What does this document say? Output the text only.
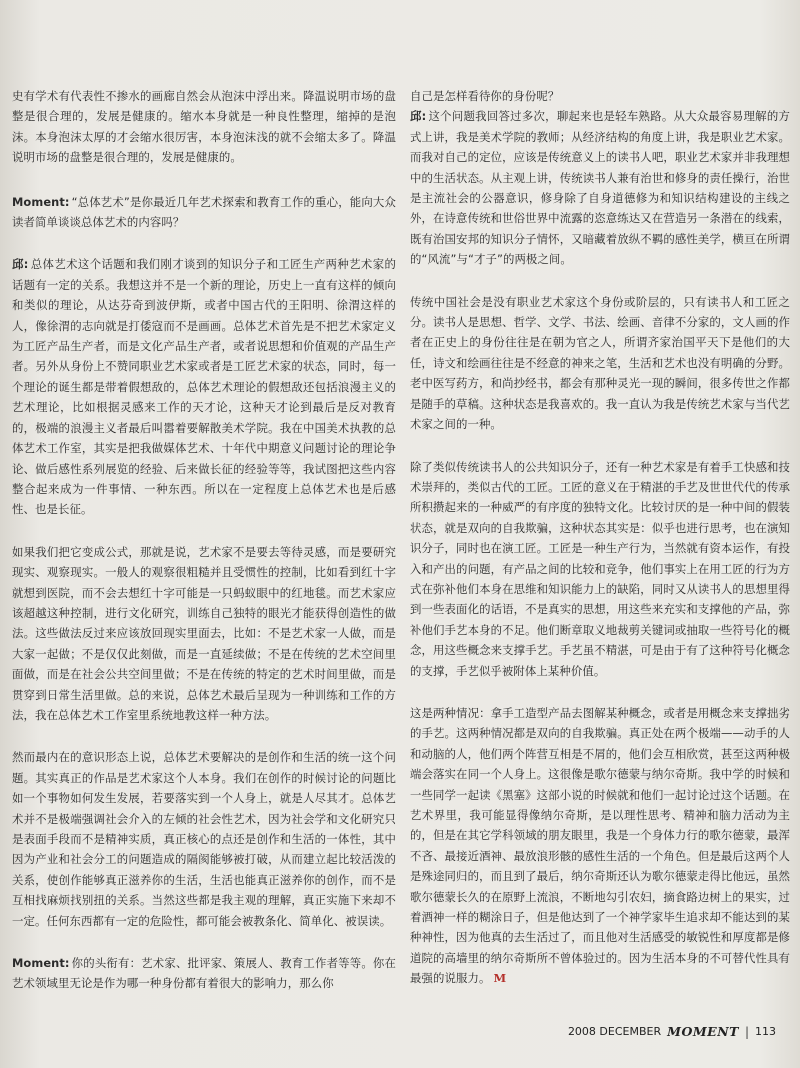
史有学术有代表性不掺水的画廊自然会从泡沫中浮出来。降温说明市场的盘整是很合理的，发展是健康的。缩水本身就是一种良性整理，缩掉的是泡沫。本身泡沫太厚的才会缩水很厉害，本身泡沫浅的就不会缩太多了。降温说明市场的盘整是很合理的，发展是健康的。

Moment: “总体艺术”是你最近几年艺术探索和教育工作的重心，能向大众读者简单谈谈总体艺术的内容吗？

邱: 总体艺术这个话题和我们刚才谈到的知识分子和工匠生产两种艺术家的话题有一定的关系。我想这并不是一个新的理论，历史上一直有这样的倾向和类似的理论，从达芬奇到波伊斯，或者中国古代的王阳明、徐渭这样的人，像徐渭的志向就是打倭寇而不是画画。总体艺术首先是不把艺术家定义为工匠产品生产者，而是文化产品生产者，或者说思想和价值观的产品生产者。另外从身份上不赞同职业艺术家或者是工匠艺术家的状态，同时，每一个理论的诞生都是带着假想敌的，总体艺术理论的假想敌还包括浪漫主义的艺术理论，比如根据灵感来工作的天才论，这种天才论到最后是反对教育的，极端的浪漫主义者最后叫嚣着要解散美术学院。我在中国美术执教的总体艺术工作室，其实是把我做媒体艺术、十年代中期意义问题讨论的理论争论、做后感性系列展览的经验、后来做长征的经验等等，我试图把这些内容整合起来成为一件事情、一种东西。所以在一定程度上总体艺术也是后感性、也是长征。

如果我们把它变成公式，那就是说，艺术家不是要去等待灵感，而是要研究现实、观察现实。一般人的观察很粗糙并且受惯性的控制，比如看到红十字就想到医院，而不会去想红十字可能是一只蚂蚁眼中的红地毯。而艺术家应该超越这种控制，进行文化研究，训练自己独特的眼光才能获得创造性的做法。这些做法反过来应该放回现实里面去，比如：不是艺术家一人做，而是大家一起做；不是仅仅此刻做，而是一直延续做；不是在传统的艺术空间里面做，而是在社会公共空间里做；不是在传统的特定的艺术时间里做，而是贯穿到日常生活里做。总的来说，总体艺术最后呈现为一种训练和工作的方法，我在总体艺术工作室里系统地教这样一种方法。

然而最内在的意识形态上说，总体艺术要解决的是创作和生活的统一这个问题。其实真正的作品是艺术家这个人本身。我们在创作的时候讨论的问题比如一个事物如何发生发展，若要落实到一个人身上，就是人尽其才。总体艺术并不是极端强调社会介入的左倾的社会性艺术，因为社会学和文化研究只是表面手段而不是精神实质，真正核心的点还是创作和生活的一体性，其中因为产业和社会分工的问题造成的隔阂能够被打破，从而建立起比较活泼的关系，使创作能够真正滋养你的生活，生活也能真正滋养你的创作，而不是互相找麻烦找别扭的关系。当然这些都是我主观的理解，真正实施下来却不一定。任何东西都有一定的危险性，都可能会被教条化、简单化、被误读。

Moment: 你的头衔有：艺术家、批评家、策展人、教育工作者等等。你在艺术领域里无论是作为哪一种身份都有着很大的影响力，那么你

自己是怎样看待你的身份呢？

邱: 这个问题我回答过多次，聊起来也是轻车熟路。从大众最容易理解的方式上讲，我是美术学院的教师；从经济结构的角度上讲，我是职业艺术家。而我对自己的定位，应该是传统意义上的读书人吧，职业艺术家并非我理想中的生活状态。从主观上讲，传统读书人兼有治世和修身的责任操行，治世是主流社会的公器意识，修身除了自身道德修为和知识结构建设的主线之外，在诗意传统和世俗世界中流露的恣意练达又在营造另一条潜在的线索，既有治国安邦的知识分子情怀，又暗藏着放纵不羁的感性美学，横亘在所谓的“风流”与“才子”的两极之间。

传统中国社会是没有职业艺术家这个身份或阶层的，只有读书人和工匠之分。读书人是思想、哲学、文学、书法、绘画、音律不分家的，文人画的作者在正史上的身份往往是在朝为官之人，所谓齐家治国平天下是他们的大任，诗文和绘画往往是不经意的神来之笔，生活和艺术也没有明确的分野。老中医写药方，和尚抄经书，都会有那种灵光一现的瞬间，很多传世之作都是随手的草稿。这种状态是我喜欢的。我一直认为我是传统艺术家与当代艺术家之间的一种。

除了类似传统读书人的公共知识分子，还有一种艺术家是有着手工快感和技术崇拜的，类似古代的工匠。工匠的意义在于精湛的手艺及世世代代的传承所积攒起来的一种威严的有序度的独特文化。比较讨厌的是一种中间的假装状态，就是双向的自我欺骗，这种状态其实是：似乎也进行思考，也在演知识分子，同时也在演工匠。工匠是一种生产行为，当然就有资本运作，有投入和产出的问题，有产品之间的比较和竞争，他们事实上在用工匠的行为方式在弥补他们本身在思维和知识能力上的缺陷，同时又从读书人的思想里得到一些表面化的话语，不是真实的思想，用这些来充实和支撑他的产品，弥补他们手艺本身的不足。他们断章取义地裁剪关键词或抽取一些符号化的概念，用这些概念来支撑手艺。手艺虽不精湛，可是由于有了这种符号化概念的支撑，手艺似乎被附体上某种价值。

这是两种情况：拿手工造型产品去图解某种概念，或者是用概念来支撑拙劣的手艺。这两种情况都是双向的自我欺骗。真正处在两个极端——动手的人和动脑的人，他们两个阵营互相是不屑的，他们会互相欣赏，甚至这两种极端会落实在同一个人身上。这很像是歌尔德蒙与纳尔奇斯。我中学的时候和一些同学一起读《黑塞》这部小说的时候就和他们一起讨论过这个话题。在艺术界里，我可能显得像纳尔奇斯，是以理性思考、精神和脑力活动为主的，但是在其它学科领域的朋友眼里，我是一个身体力行的歌尔德蒙，最浑不吝、最接近酒神、最放浪形骸的感性生活的一个角色。但是最后这两个人是殊途同归的，而且到了最后，纳尔奇斯还认为歌尔德蒙走得比他远，虽然歌尔德蒙长久的在原野上流浪，不断地勾引农妇，摘食路边树上的果实，过着酒神一样的糊涂日子，但是他达到了一个神学家毕生追求却不能达到的某种神性，因为他真的去生活过了，而且他对生活感受的敏锐性和厚度都是修道院的高墙里的纳尔奇斯所不曾体验过的。因为生活本身的不可替代性具有最强的说服力。 M

2008 DECEMBER MOMENT | 113
